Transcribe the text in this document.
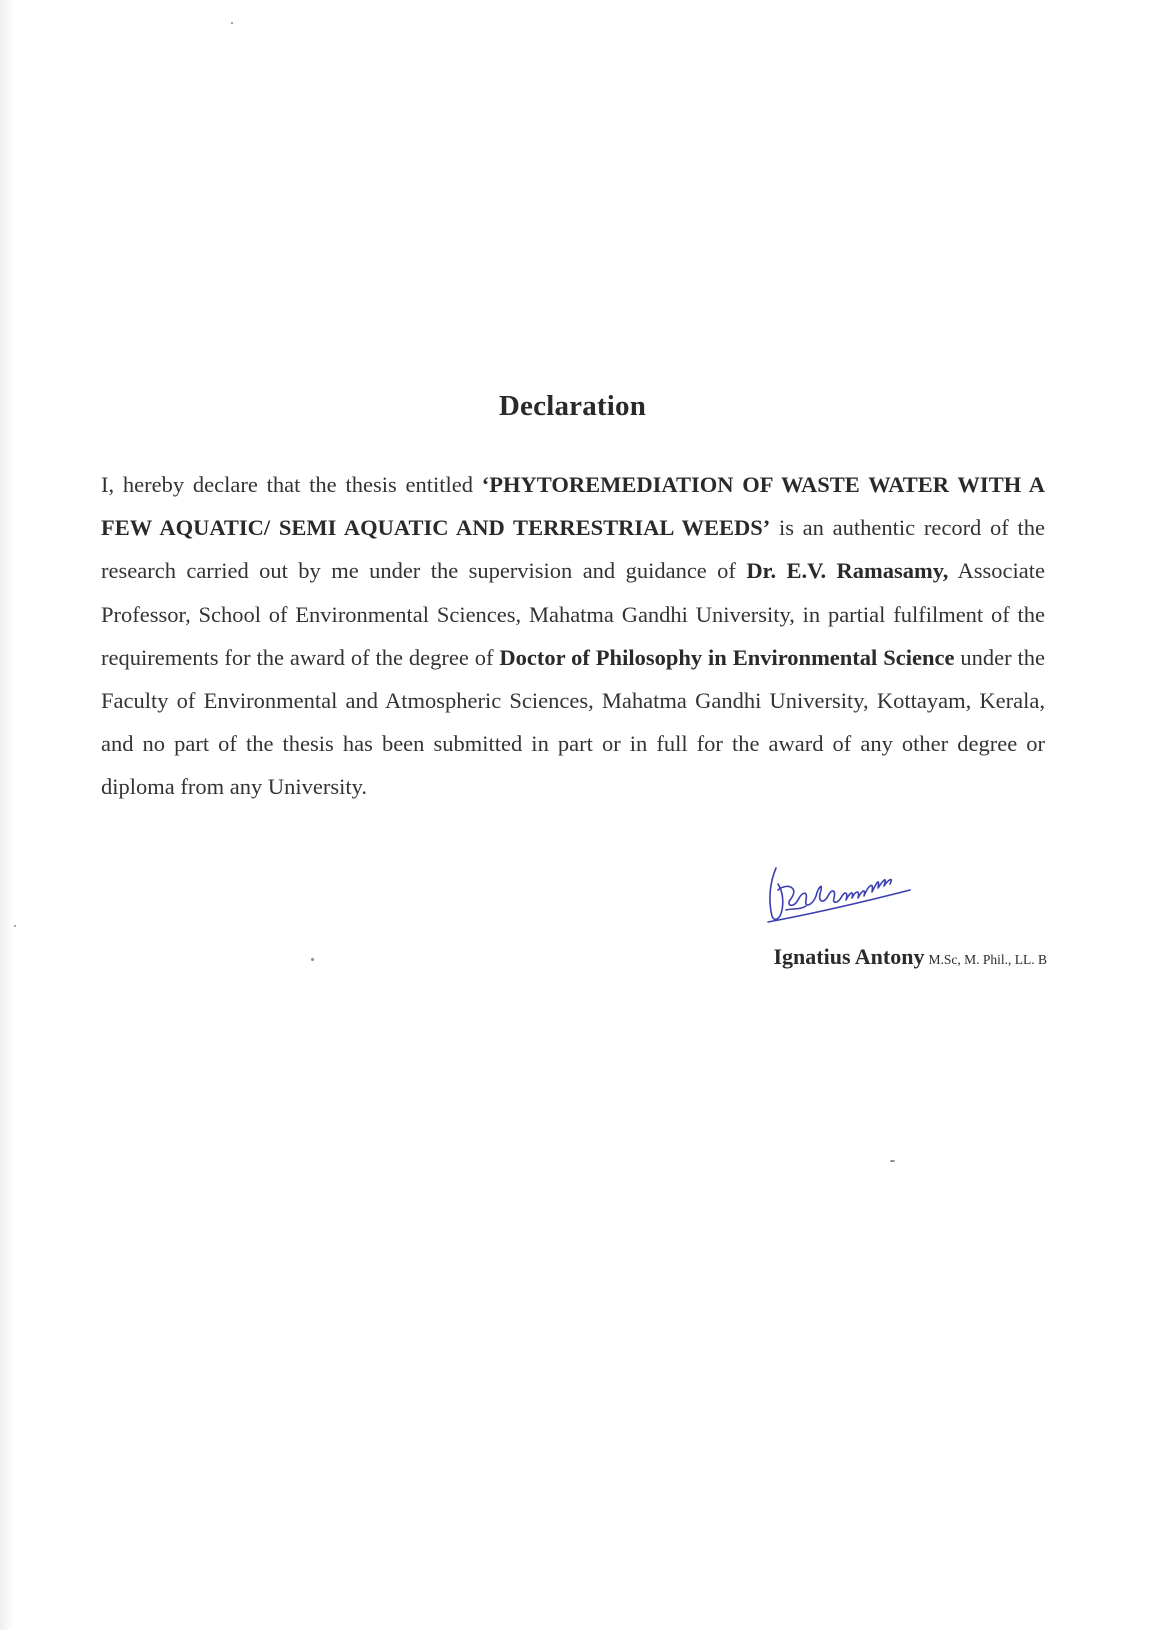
Declaration

I, hereby declare that the thesis entitled ‘PHYTOREMEDIATION OF WASTE WATER WITH A FEW AQUATIC/ SEMI AQUATIC AND TERRESTRIAL WEEDS’ is an authentic record of the research carried out by me under the supervision and guidance of Dr. E.V. Ramasamy, Associate Professor, School of Environmental Sciences, Mahatma Gandhi University, in partial fulfilment of the requirements for the award of the degree of Doctor of Philosophy in Environmental Science under the Faculty of Environmental and Atmospheric Sciences, Mahatma Gandhi University, Kottayam, Kerala, and no part of the thesis has been submitted in part or in full for the award of any other degree or diploma from any University.

Ignatius Antony M.Sc, M. Phil., LL. B
